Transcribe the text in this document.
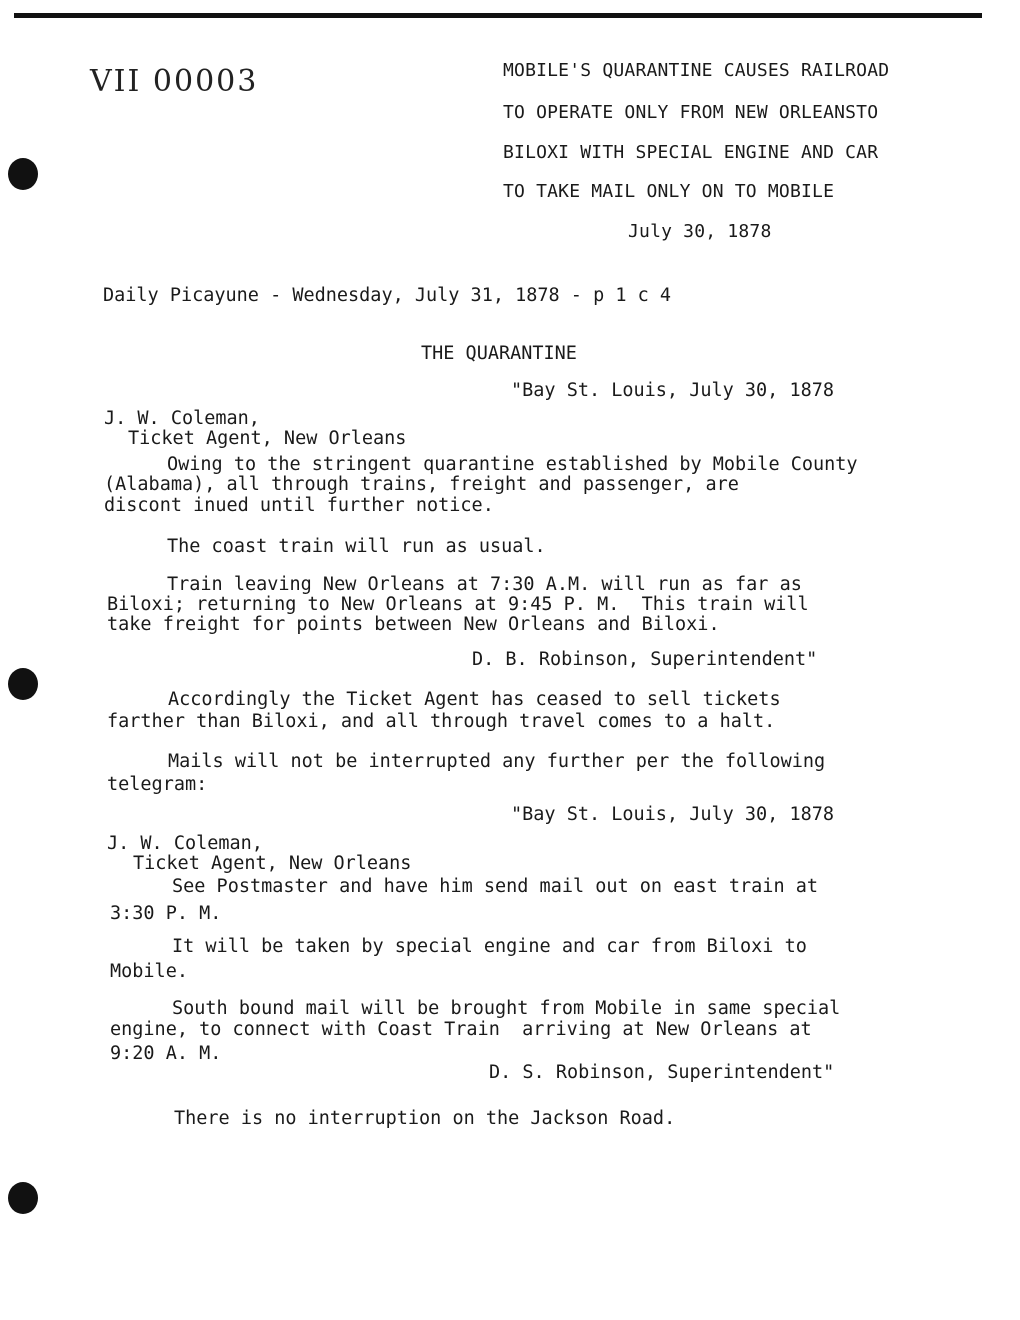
VII 00003	MOBILE'S QUARANTINE CAUSES RAILROAD
TO OPERATE ONLY FROM NEW ORLEANSTO
BILOXI WITH SPECIAL ENGINE AND CAR
TO TAKE MAIL ONLY ON TO MOBILE
July 30, 1878
Daily Picayune - Wednesday, July 31, 1878 - p 1 c 4
THE QUARANTINE
"Bay St. Louis, July 30, 1878
J. W. Coleman,
Ticket Agent, New Orleans
Owing to the stringent quarantine established by Mobile County
(Alabama), all through trains, freight and passenger, are
discont inued until further notice.
The coast train will run as usual.
Train leaving New Orleans at 7:30 A.M. will run as far as
Biloxi; returning to New Orleans at 9:45 P. M.  This train will
take freight for points between New Orleans and Biloxi.
D. B. Robinson, Superintendent"
Accordingly the Ticket Agent has ceased to sell tickets
farther than Biloxi, and all through travel comes to a halt.
Mails will not be interrupted any further per the following
telegram:
"Bay St. Louis, July 30, 1878
J. W. Coleman,
Ticket Agent, New Orleans
See Postmaster and have him send mail out on east train at
3:30 P. M.
It will be taken by special engine and car from Biloxi to
Mobile.
South bound mail will be brought from Mobile in same special
engine, to connect with Coast Train  arriving at New Orleans at
9:20 A. M.
D. S. Robinson, Superintendent"
There is no interruption on the Jackson Road.
